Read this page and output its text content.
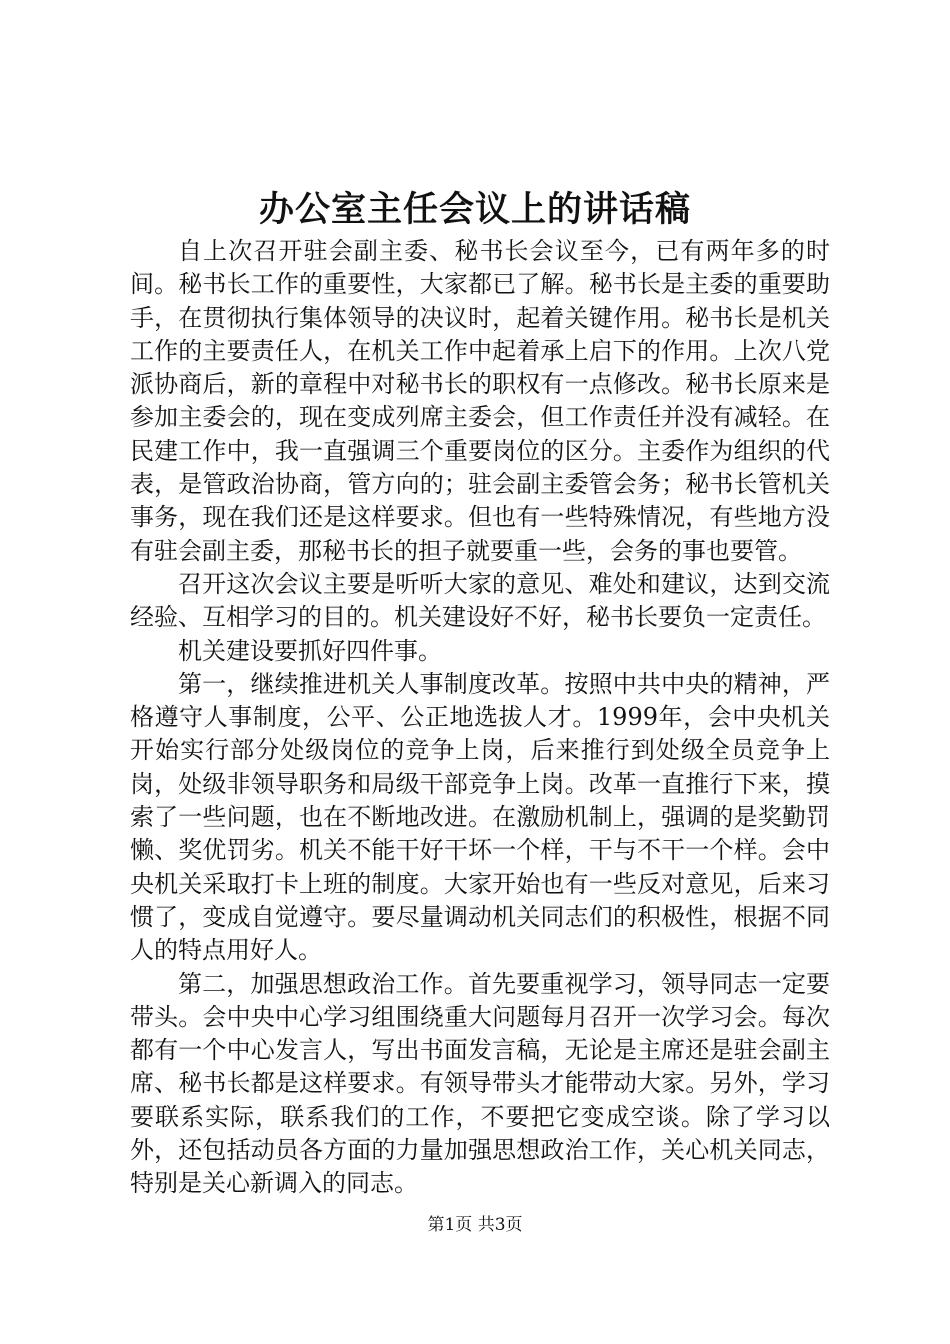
办公室主任会议上的讲话稿

自上次召开驻会副主委、秘书长会议至今，已有两年多的时间。秘书长工作的重要性，大家都已了解。秘书长是主委的重要助手，在贯彻执行集体领导的决议时，起着关键作用。秘书长是机关工作的主要责任人，在机关工作中起着承上启下的作用。上次八党派协商后，新的章程中对秘书长的职权有一点修改。秘书长原来是参加主委会的，现在变成列席主委会，但工作责任并没有减轻。在民建工作中，我一直强调三个重要岗位的区分。主委作为组织的代表，是管政治协商，管方向的；驻会副主委管会务；秘书长管机关事务，现在我们还是这样要求。但也有一些特殊情况，有些地方没有驻会副主委，那秘书长的担子就要重一些，会务的事也要管。

召开这次会议主要是听听大家的意见、难处和建议，达到交流经验、互相学习的目的。机关建设好不好，秘书长要负一定责任。

机关建设要抓好四件事。

第一，继续推进机关人事制度改革。按照中共中央的精神，严格遵守人事制度，公平、公正地选拔人才。1999年，会中央机关开始实行部分处级岗位的竞争上岗，后来推行到处级全员竞争上岗，处级非领导职务和局级干部竞争上岗。改革一直推行下来，摸索了一些问题，也在不断地改进。在激励机制上，强调的是奖勤罚懒、奖优罚劣。机关不能干好干坏一个样，干与不干一个样。会中央机关采取打卡上班的制度。大家开始也有一些反对意见，后来习惯了，变成自觉遵守。要尽量调动机关同志们的积极性，根据不同人的特点用好人。

第二，加强思想政治工作。首先要重视学习，领导同志一定要带头。会中央中心学习组围绕重大问题每月召开一次学习会。每次都有一个中心发言人，写出书面发言稿，无论是主席还是驻会副主席、秘书长都是这样要求。有领导带头才能带动大家。另外，学习要联系实际，联系我们的工作，不要把它变成空谈。除了学习以外，还包括动员各方面的力量加强思想政治工作，关心机关同志，特别是关心新调入的同志。

第1页 共3页
